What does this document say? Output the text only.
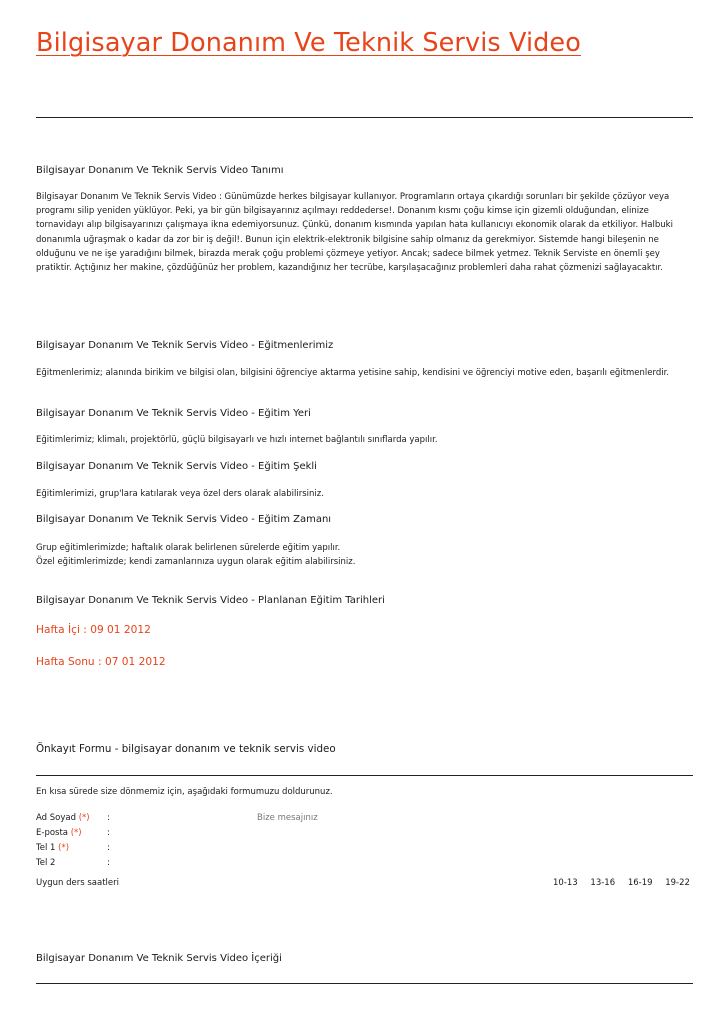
Bilgisayar Donanım Ve Teknik Servis Video
Bilgisayar Donanım Ve Teknik Servis Video Tanımı

Bilgisayar Donanım Ve Teknik Servis Video : Günümüzde herkes bilgisayar kullanıyor. Programların ortaya çıkardığı sorunları bir şekilde çözüyor veya programı silip yeniden yüklüyor. Peki, ya bir gün bilgisayarınız açılmayı reddederse!. Donanım kısmı çoğu kimse için gizemli olduğundan, elinize tornavidayı alıp bilgisayarınızı çalışmaya ikna edemiyorsunuz. Çünkü, donanım kısmında yapılan hata kullanıcıyı ekonomik olarak da etkiliyor. Halbuki donanımla uğraşmak o kadar da zor bir iş değil!. Bunun için elektrik-elektronik bilgisine sahip olmanız da gerekmiyor. Sistemde hangi bileşenin ne olduğunu ve ne işe yaradığını bilmek, birazda merak çoğu problemi çözmeye yetiyor. Ancak; sadece bilmek yetmez. Teknik Serviste en önemli şey pratiktir. Açtığınız her makine, çözdüğünüz her problem, kazandığınız her tecrübe, karşılaşacağınız problemleri daha rahat çözmenizi sağlayacaktır.

Bilgisayar Donanım Ve Teknik Servis Video - Eğitmenlerimiz

Eğitmenlerimiz; alanında birikim ve bilgisi olan, bilgisini öğrenciye aktarma yetisine sahip, kendisini ve öğrenciyi motive eden, başarılı eğitmenlerdir.

Bilgisayar Donanım Ve Teknik Servis Video - Eğitim Yeri

Eğitimlerimiz; klimalı, projektörlü, güçlü bilgisayarlı ve hızlı internet bağlantılı sınıflarda yapılır.

Bilgisayar Donanım Ve Teknik Servis Video - Eğitim Şekli

Eğitimlerimizi, grup'lara katılarak veya özel ders olarak alabilirsiniz.

Bilgisayar Donanım Ve Teknik Servis Video - Eğitim Zamanı

Grup eğitimlerimizde; haftalık olarak belirlenen sürelerde eğitim yapılır.

Özel eğitimlerimizde; kendi zamanlarınıza uygun olarak eğitim alabilirsiniz.

Bilgisayar Donanım Ve Teknik Servis Video - Planlanan Eğitim Tarihleri
Hafta İçi : 09 01 2012
Hafta Sonu : 07 01 2012
Önkayıt Formu - bilgisayar donanım ve teknik servis video

En kısa sürede size dönmemiz için, aşağıdaki formumuzu doldurunuz.

Ad Soyad (*) :
E-posta (*)	:
Tel 1 (*)	:
Tel 2	:
Bize mesajınız
Uygun ders saatleri	10-13 13-16 16-19 19-22
Bilgisayar Donanım Ve Teknik Servis Video İçeriği
